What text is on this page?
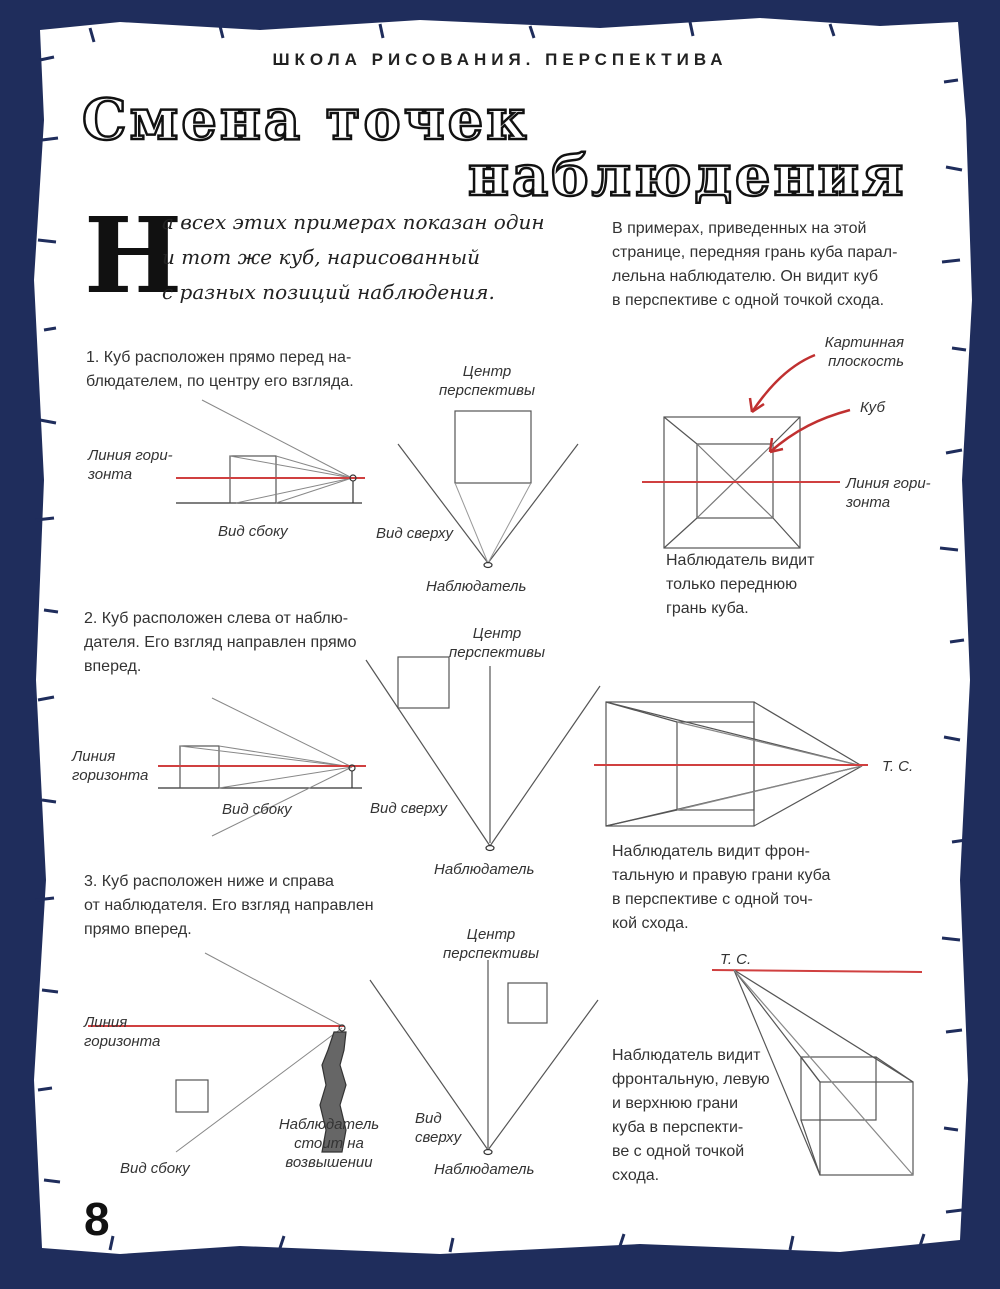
ШКОЛА РИСОВАНИЯ. ПЕРСПЕКТИВА
Смена точек
наблюдения
Н
а всех этих примерах показан один
и тот же куб, нарисованный
с разных позиций наблюдения.
В примерах, приведенных на этой
странице, передняя грань куба парал-
лельна наблюдателю. Он видит куб
в перспективе с одной точкой схода.
1. Куб расположен прямо перед на-
блюдателем, по центру его взгляда.
Линия гори-
зонта
Вид сбоку	Вид сверху
Центр
перспективы
Наблюдатель
Картинная
плоскость
Куб
Линия гори-
зонта
Наблюдатель видит
только переднюю
грань куба.
2. Куб расположен слева от наблю-
дателя. Его взгляд направлен прямо
вперед.
Линия
горизонта
Вид сбоку	Вид сверху
Центр
перспективы
Наблюдатель
Т. С.
Наблюдатель видит фрон-
тальную и правую грани куба
в перспективе с одной точ-
кой схода.
3. Куб расположен ниже и справа
от наблюдателя. Его взгляд направлен
прямо вперед.
Линия
горизонта
Вид сбоку
Наблюдатель
стоит на
возвышении
Вид
сверху
Центр
перспективы
Наблюдатель
Т. С.
Наблюдатель видит
фронтальную, левую
и верхнюю грани
куба в перспекти-
ве с одной точкой
схода.
8
